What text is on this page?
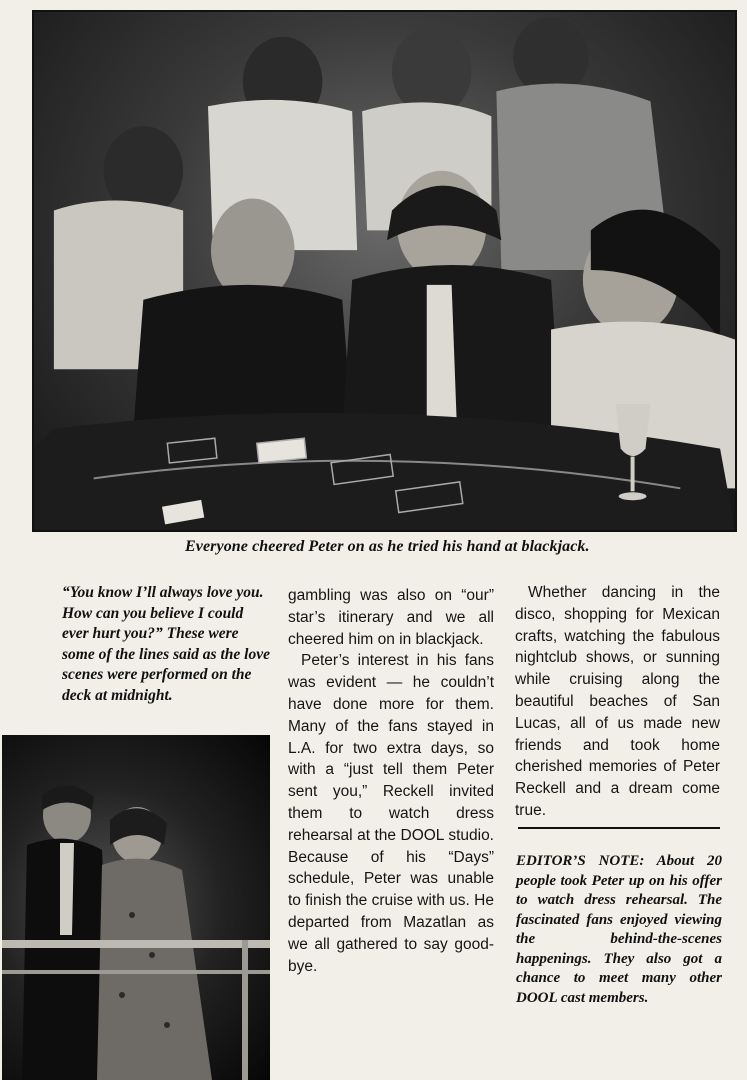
Everyone cheered Peter on as he tried his hand at blackjack.
“You know I’ll always love you. How can you believe I could ever hurt you?” These were some of the lines said as the love scenes were performed on the deck at midnight.

gambling was also on “our” star’s itinerary and we all cheered him on in blackjack.

Peter’s interest in his fans was evident — he couldn’t have done more for them. Many of the fans stayed in L.A. for two extra days, so with a “just tell them Peter sent you,” Reckell invited them to watch dress rehearsal at the DOOL studio. Because of his “Days” schedule, Peter was unable to finish the cruise with us. He departed from Mazatlan as we all gathered to say good-bye.

Whether dancing in the disco, shopping for Mexican crafts, watching the fabulous nightclub shows, or sunning while cruising along the beautiful beaches of San Lucas, all of us made new friends and took home cherished memories of Peter Reckell and a dream come true.

EDITOR’S NOTE: About 20 people took Peter up on his offer to watch dress rehearsal. The fascinated fans enjoyed viewing the behind-the-scenes happenings. They also got a chance to meet many other DOOL cast members.
